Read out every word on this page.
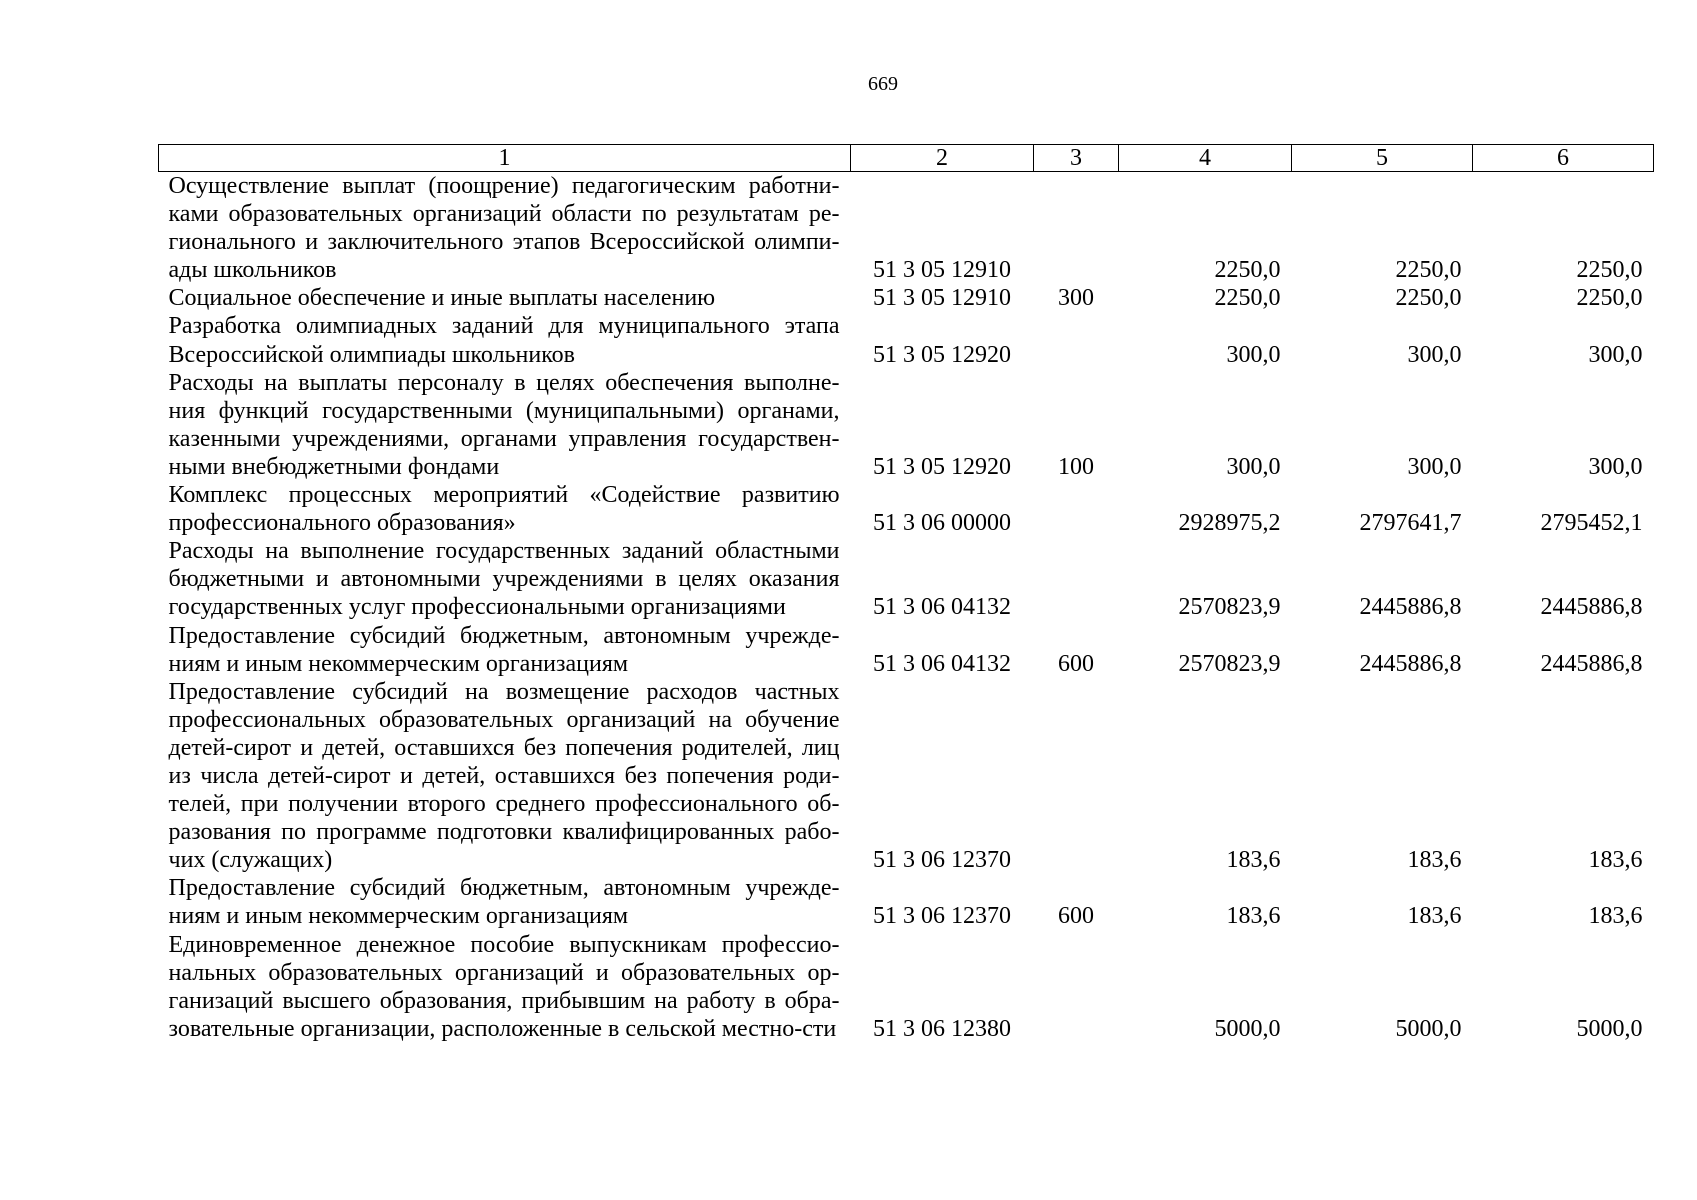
669
1	2	3	4	5	6
Осуществление выплат (поощрение) педагогическим работни-ками образовательных организаций области по результатам ре-гионального и заключительного этапов Всероссийской олимпи-ады школьников	51 3 05 12910		2250,0	2250,0	2250,0
Социальное обеспечение и иные выплаты населению	51 3 05 12910	300	2250,0	2250,0	2250,0
Разработка олимпиадных заданий для муниципального этапа Всероссийской олимпиады школьников	51 3 05 12920		300,0	300,0	300,0
Расходы на выплаты персоналу в целях обеспечения выполне-ния функций государственными (муниципальными) органами, казенными учреждениями, органами управления государствен-ными внебюджетными фондами	51 3 05 12920	100	300,0	300,0	300,0
Комплекс процессных мероприятий «Содействие развитию профессионального образования»	51 3 06 00000		2928975,2	2797641,7	2795452,1
Расходы на выполнение государственных заданий областными бюджетными и автономными учреждениями в целях оказания государственных услуг профессиональными организациями	51 3 06 04132		2570823,9	2445886,8	2445886,8
Предоставление субсидий бюджетным, автономным учрежде-ниям и иным некоммерческим организациям	51 3 06 04132	600	2570823,9	2445886,8	2445886,8
Предоставление субсидий на возмещение расходов частных профессиональных образовательных организаций на обучение детей-сирот и детей, оставшихся без попечения родителей, лиц из числа детей-сирот и детей, оставшихся без попечения роди-телей, при получении второго среднего профессионального об-разования по программе подготовки квалифицированных рабо-чих (служащих)	51 3 06 12370		183,6	183,6	183,6
Предоставление субсидий бюджетным, автономным учрежде-ниям и иным некоммерческим организациям	51 3 06 12370	600	183,6	183,6	183,6
Единовременное денежное пособие выпускникам профессио-нальных образовательных организаций и образовательных ор-ганизаций высшего образования, прибывшим на работу в обра-зовательные организации, расположенные в сельской местно-сти	51 3 06 12380		5000,0	5000,0	5000,0
